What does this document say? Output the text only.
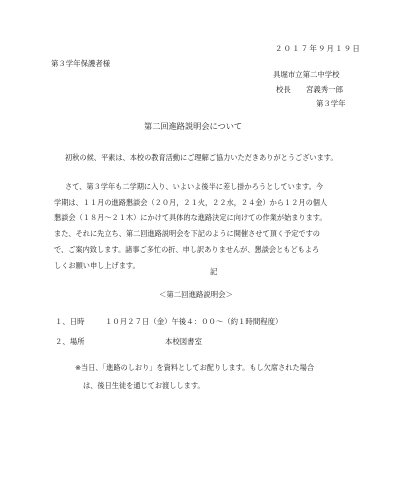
２０１７年９月１９日
第３学年保護者様
具堀市立第二中学校
校長 宮義秀一郎
第３学年
第二回進路説明会について
初秋の候、平素は、本校の教育活動にご理解ご協力いただきありがとうございます。
さて、第３学年も二学期に入り、いよいよ後半に差し掛かろうとしています。今
学期は、１１月の進路懇談会（２０月，２１火，２２水，２４金）から１２月の個人
懇談会（１８月〜２１木）にかけて具体的な進路決定に向けての作業が始まります。
また、それに先立ち、第二回進路説明会を下記のように開催させて頂く予定ですの
で、ご案内致します。諸事ご多忙の折、申し訳ありませんが、懇談会ともどもよろ
しくお願い申し上げます。
記
＜第二回進路説明会＞
１、日時	１０月２７日（金）午後４：００〜（約１時間程度）
２、場所	本校図書室
※当日、「進路のしおり」を資料としてお配りします。もし欠席された場合
は、後日生徒を通じてお渡しします。
